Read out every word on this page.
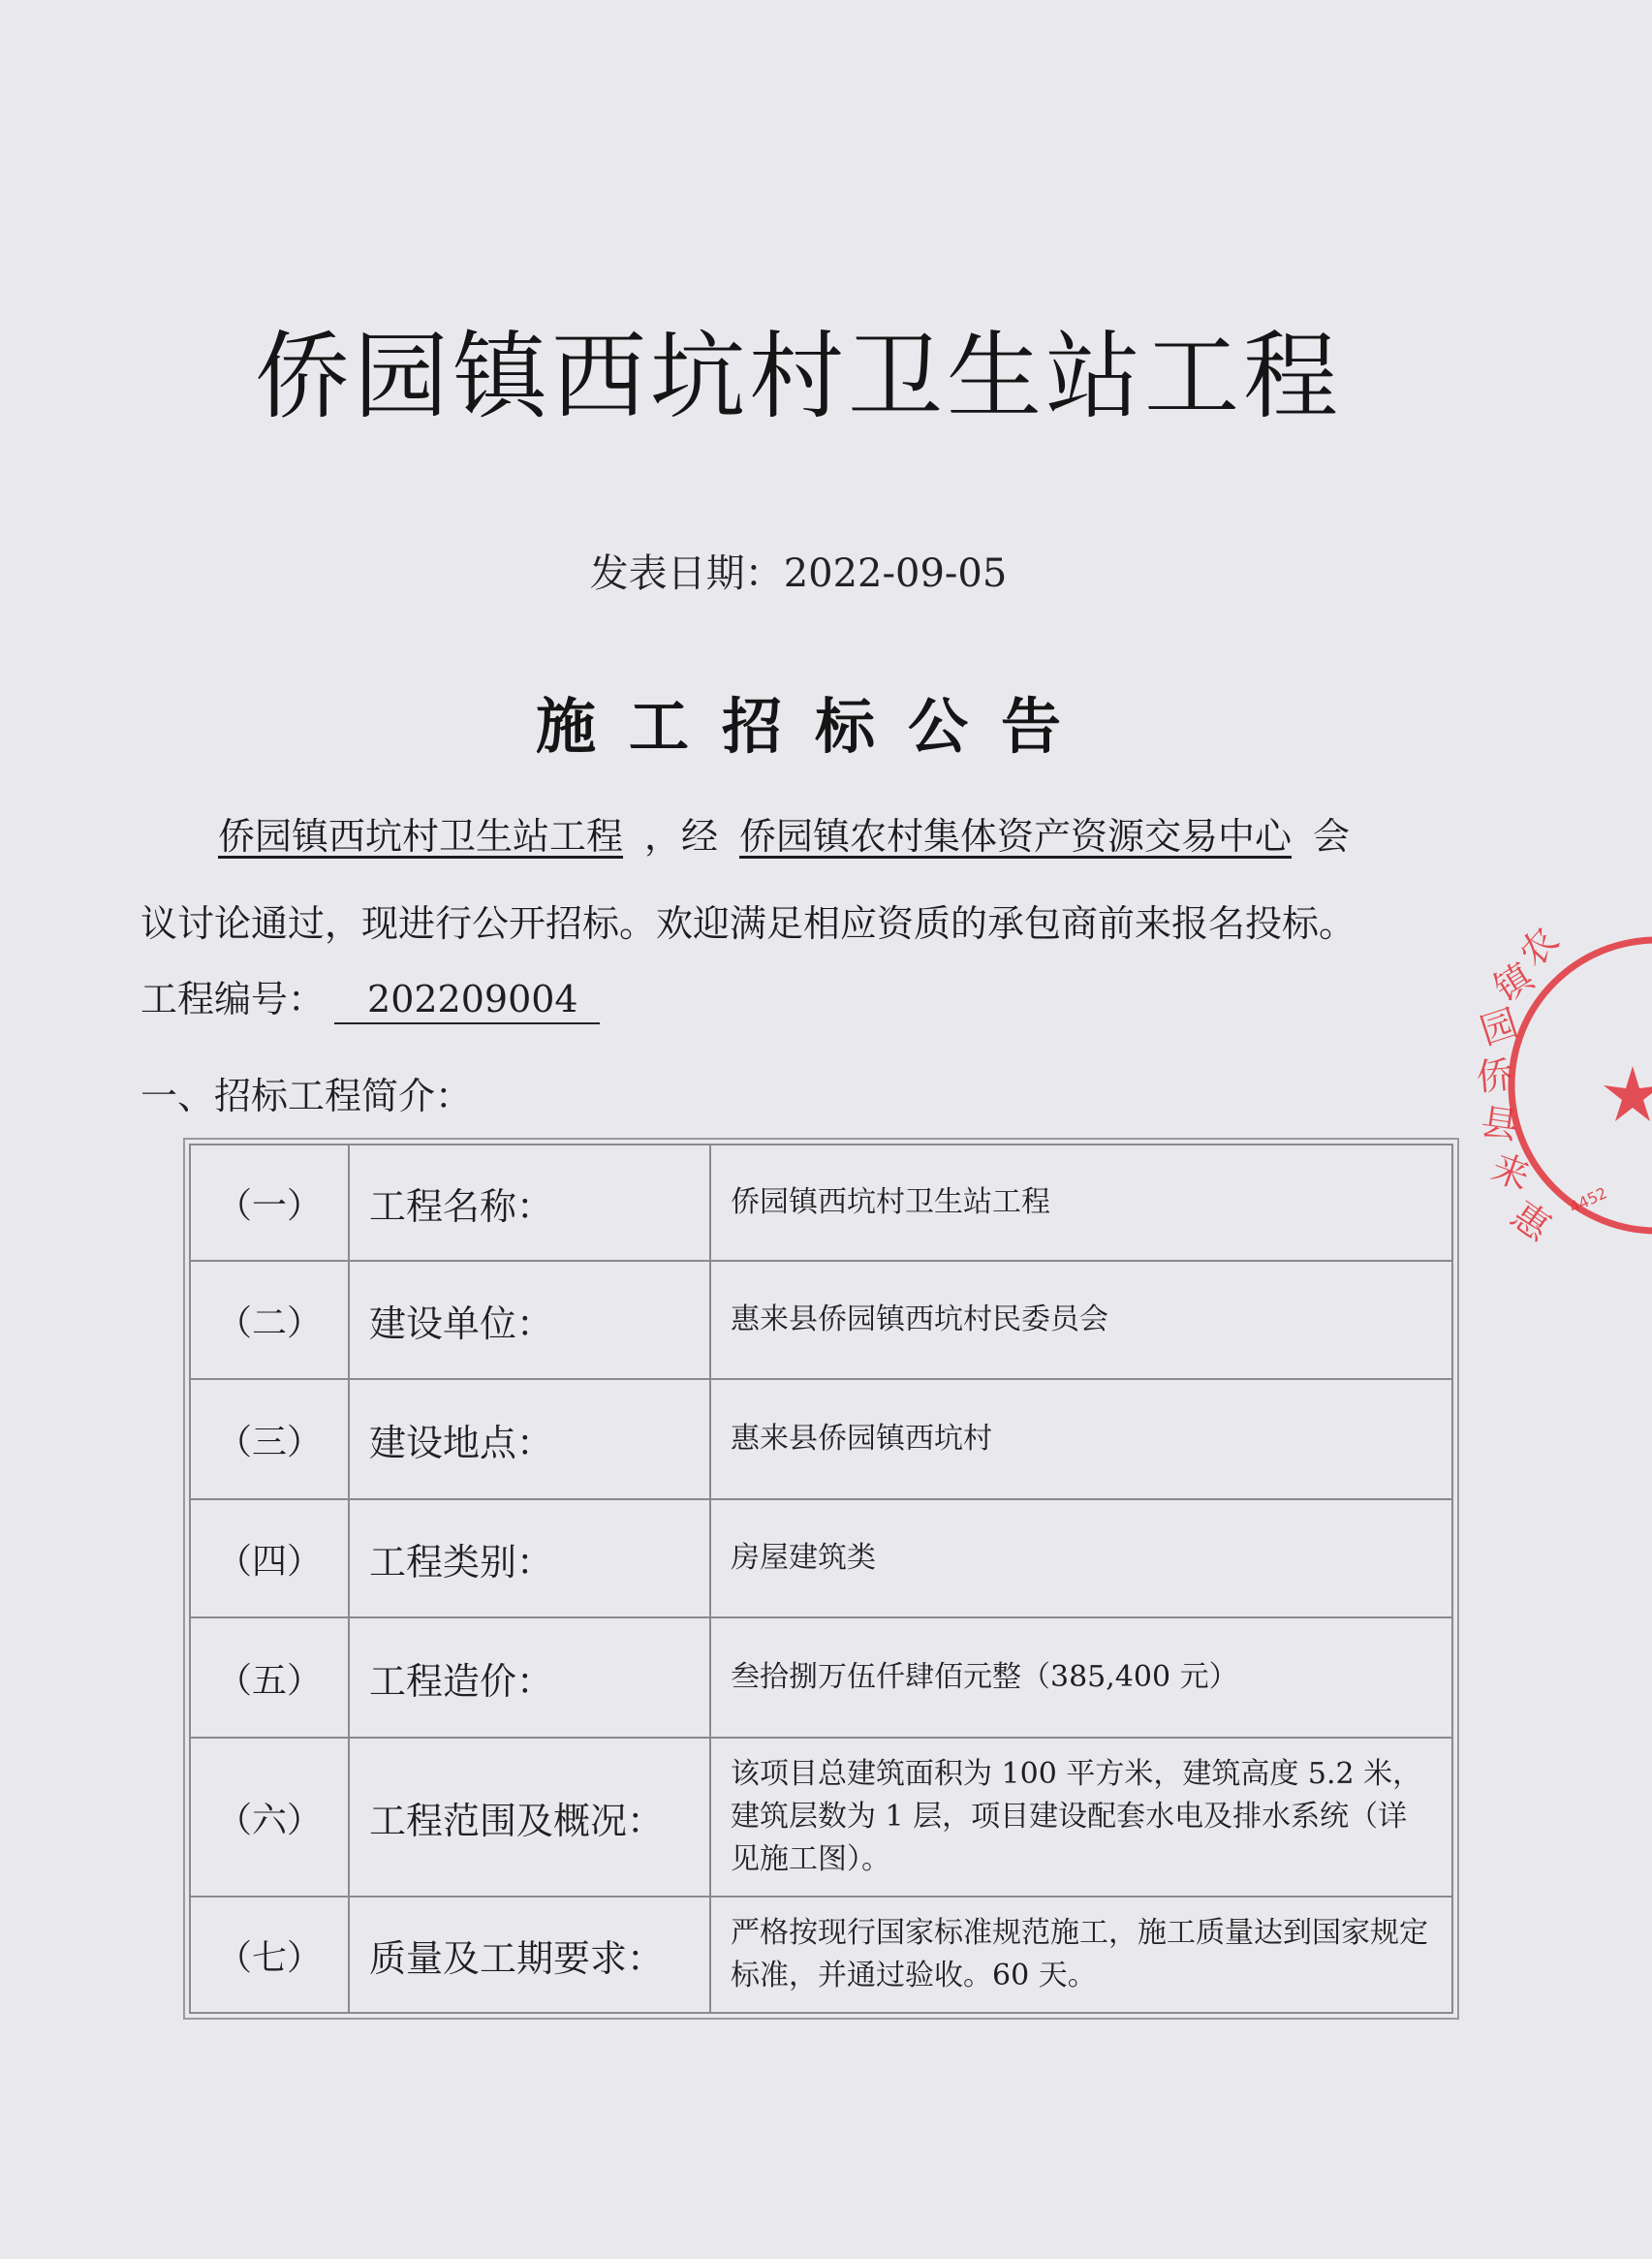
侨园镇西坑村卫生站工程
发表日期：2022-09-05
施工招标公告
侨园镇西坑村卫生站工程 ，经 侨园镇农村集体资产资源交易中心 会
议讨论通过，现进行公开招标。欢迎满足相应资质的承包商前来报名投标。
工程编号： 202209004
一、招标工程简介：
（一）	工程名称：	侨园镇西坑村卫生站工程
（二）	建设单位：	惠来县侨园镇西坑村民委员会
（三）	建设地点：	惠来县侨园镇西坑村
（四）	工程类别：	房屋建筑类
（五）	工程造价：	叁拾捌万伍仟肆佰元整（385,400 元）
（六）	工程范围及概况：	该项目总建筑面积为 100 平方米，建筑高度 5.2 米，建筑层数为 1 层，项目建设配套水电及排水系统（详见施工图）。
（七）	质量及工期要求：	严格按现行国家标准规范施工，施工质量达到国家规定标准，并通过验收。60 天。
惠
来
县
侨
园
镇
农
4452
